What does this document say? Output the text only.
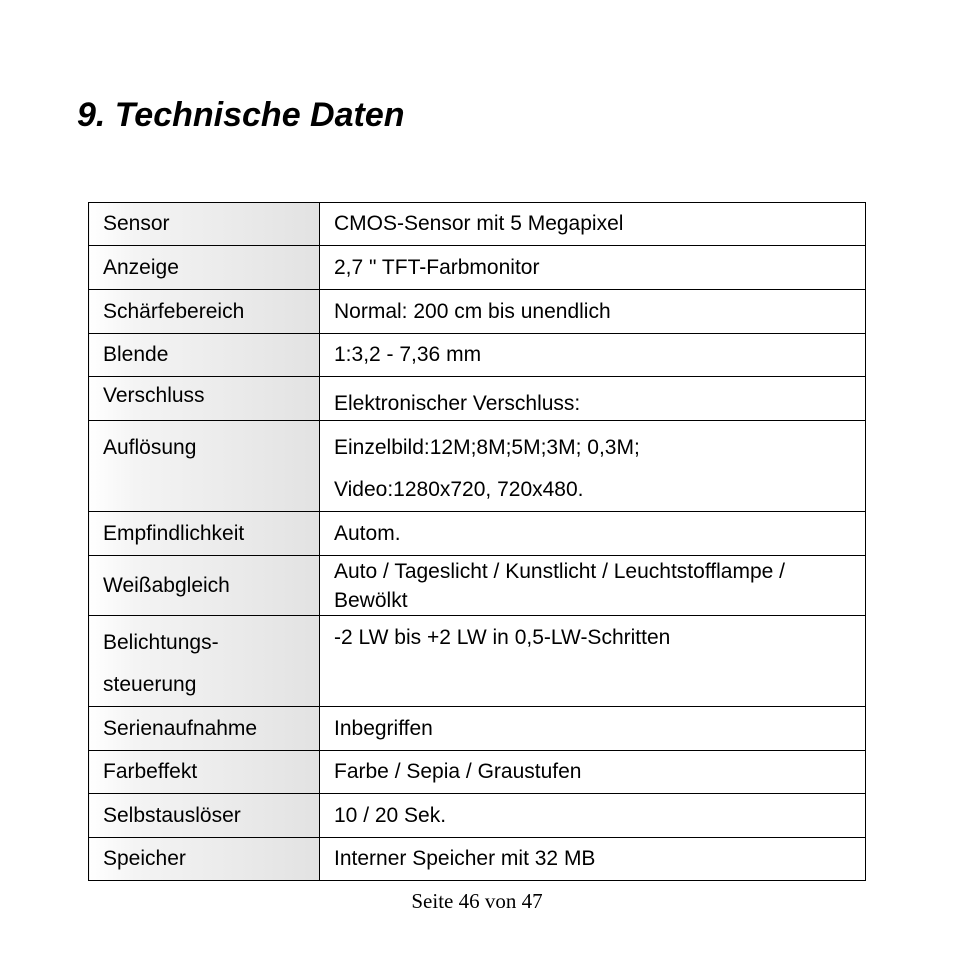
9. Technische Daten
Sensor	CMOS-Sensor mit 5 Megapixel
Anzeige	2,7 " TFT-Farbmonitor
Schärfebereich	Normal: 200 cm bis unendlich
Blende	1:3,2 - 7,36 mm
Verschluss	Elektronischer Verschluss:
Auflösung	Einzelbild:12M;8M;5M;3M; 0,3M;
Video:1280x720, 720x480.

Empfindlichkeit	Autom.
Weißabgleich	Auto / Tageslicht / Kunstlicht / Leuchtstofflampe /
Bewölkt

Belichtungs-
steuerung	-2 LW bis +2 LW in 0,5-LW-Schritten
Serienaufnahme	Inbegriffen
Farbeffekt	Farbe / Sepia / Graustufen
Selbstauslöser	10 / 20 Sek.
Speicher	Interner Speicher mit 32 MB
Seite 46 von 47
